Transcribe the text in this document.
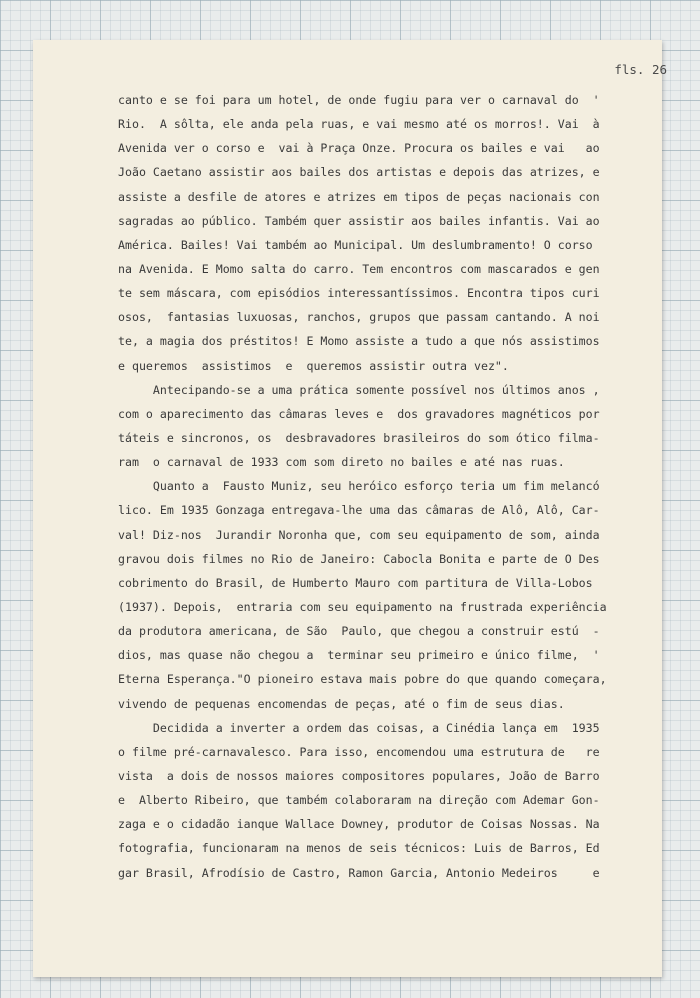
fls. 26

canto e se foi para um hotel, de onde fugiu para ver o carnaval do  '

Rio.  A sôlta, ele anda pela ruas, e vai mesmo até os morros!. Vai  à

Avenida ver o corso e  vai à Praça Onze. Procura os bailes e vai   ao

João Caetano assistir aos bailes dos artistas e depois das atrizes, e

assiste a desfile de atores e atrizes em tipos de peças nacionais con

sagradas ao público. Também quer assistir aos bailes infantis. Vai ao

América. Bailes! Vai também ao Municipal. Um deslumbramento! O corso

na Avenida. E Momo salta do carro. Tem encontros com mascarados e gen

te sem máscara, com episódios interessantíssimos. Encontra tipos curi

osos,  fantasias luxuosas, ranchos, grupos que passam cantando. A noi

te, a magia dos préstitos! E Momo assiste a tudo a que nós assistimos

e queremos  assistimos  e  queremos assistir outra vez".

Antecipando-se a uma prática somente possível nos últimos anos ,

com o aparecimento das câmaras leves e  dos gravadores magnéticos por

táteis e sincronos, os  desbravadores brasileiros do som ótico filma-

ram  o carnaval de 1933 com som direto no bailes e até nas ruas.

Quanto a  Fausto Muniz, seu heróico esforço teria um fim melancó

lico. Em 1935 Gonzaga entregava-lhe uma das câmaras de Alô, Alô, Car-

val! Diz-nos  Jurandir Noronha que, com seu equipamento de som, ainda

gravou dois filmes no Rio de Janeiro: Cabocla Bonita e parte de O Des

cobrimento do Brasil, de Humberto Mauro com partitura de Villa-Lobos

(1937). Depois,  entraria com seu equipamento na frustrada experiência

da produtora americana, de São  Paulo, que chegou a construir estú  -

dios, mas quase não chegou a  terminar seu primeiro e único filme,  '

Eterna Esperança."O pioneiro estava mais pobre do que quando começara,

vivendo de pequenas encomendas de peças, até o fim de seus dias.

Decidida a inverter a ordem das coisas, a Cinédia lança em  1935

o filme pré-carnavalesco. Para isso, encomendou uma estrutura de   re

vista  a dois de nossos maiores compositores populares, João de Barro

e  Alberto Ribeiro, que também colaboraram na direção com Ademar Gon-

zaga e o cidadão ianque Wallace Downey, produtor de Coisas Nossas. Na

fotografia, funcionaram na menos de seis técnicos: Luis de Barros, Ed

gar Brasil, Afrodísio de Castro, Ramon Garcia, Antonio Medeiros     e
